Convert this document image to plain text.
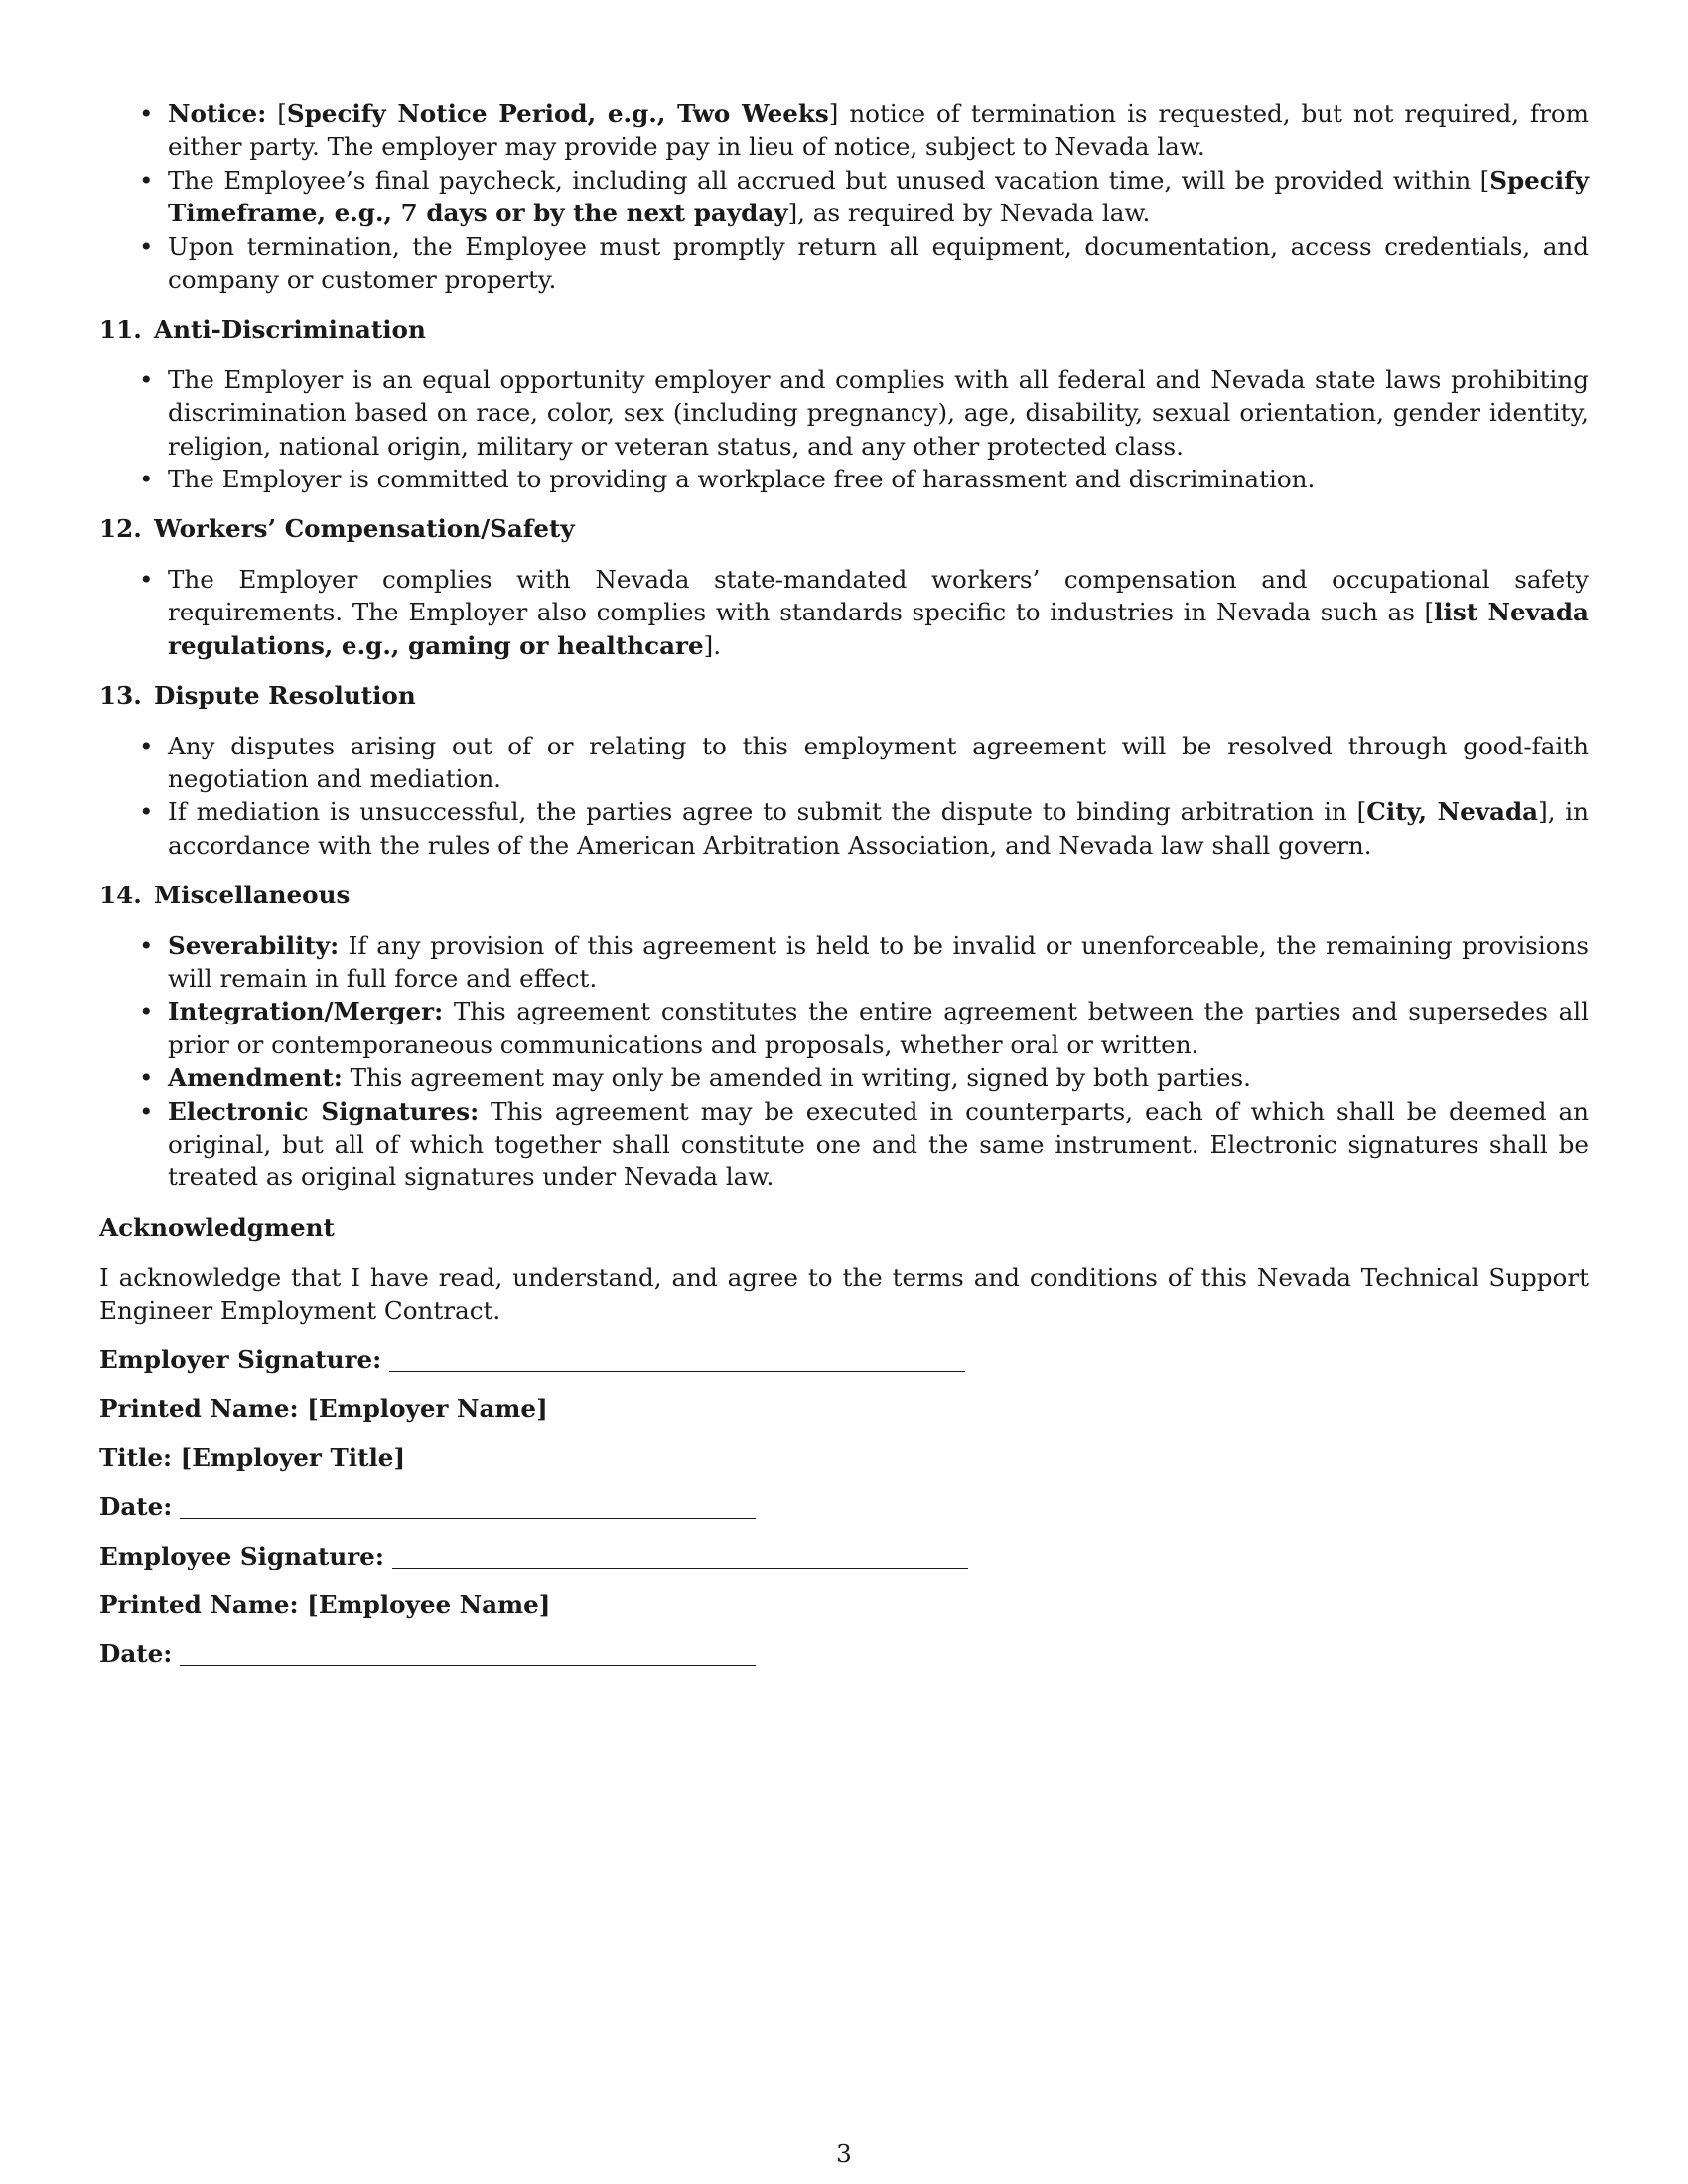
• Notice: [Specify Notice Period, e.g., Two Weeks] notice of termination is requested, but not required, from either party. The employer may provide pay in lieu of notice, subject to Nevada law.

• The Employee’s final paycheck, including all accrued but unused vacation time, will be provided within [Specify Timeframe, e.g., 7 days or by the next payday], as required by Nevada law.

• Upon termination, the Employee must promptly return all equipment, documentation, access credentials, and company or customer property.

11. Anti-Discrimination

• The Employer is an equal opportunity employer and complies with all federal and Nevada state laws prohibiting discrimination based on race, color, sex (including pregnancy), age, disability, sexual orientation, gender identity, religion, national origin, military or veteran status, and any other protected class.

• The Employer is committed to providing a workplace free of harassment and discrimination.

12. Workers’ Compensation/Safety

• The Employer complies with Nevada state-mandated workers’ compensation and occupational safety requirements. The Employer also complies with standards specific to industries in Nevada such as [list Nevada regulations, e.g., gaming or healthcare].

13. Dispute Resolution

• Any disputes arising out of or relating to this employment agreement will be resolved through good-faith negotiation and mediation.

• If mediation is unsuccessful, the parties agree to submit the dispute to binding arbitration in [City, Nevada], in accordance with the rules of the American Arbitration Association, and Nevada law shall govern.

14. Miscellaneous

• Severability: If any provision of this agreement is held to be invalid or unenforceable, the remaining provisions will remain in full force and effect.

• Integration/Merger: This agreement constitutes the entire agreement between the parties and supersedes all prior or contemporaneous communications and proposals, whether oral or written.

• Amendment: This agreement may only be amended in writing, signed by both parties.

• Electronic Signatures: This agreement may be executed in counterparts, each of which shall be deemed an original, but all of which together shall constitute one and the same instrument. Electronic signatures shall be treated as original signatures under Nevada law.

Acknowledgment

I acknowledge that I have read, understand, and agree to the terms and conditions of this Nevada Technical Support Engineer Employment Contract.

Employer Signature:
Printed Name: [Employer Name]
Title: [Employer Title]
Date:
Employee Signature:
Printed Name: [Employee Name]
Date:
3
